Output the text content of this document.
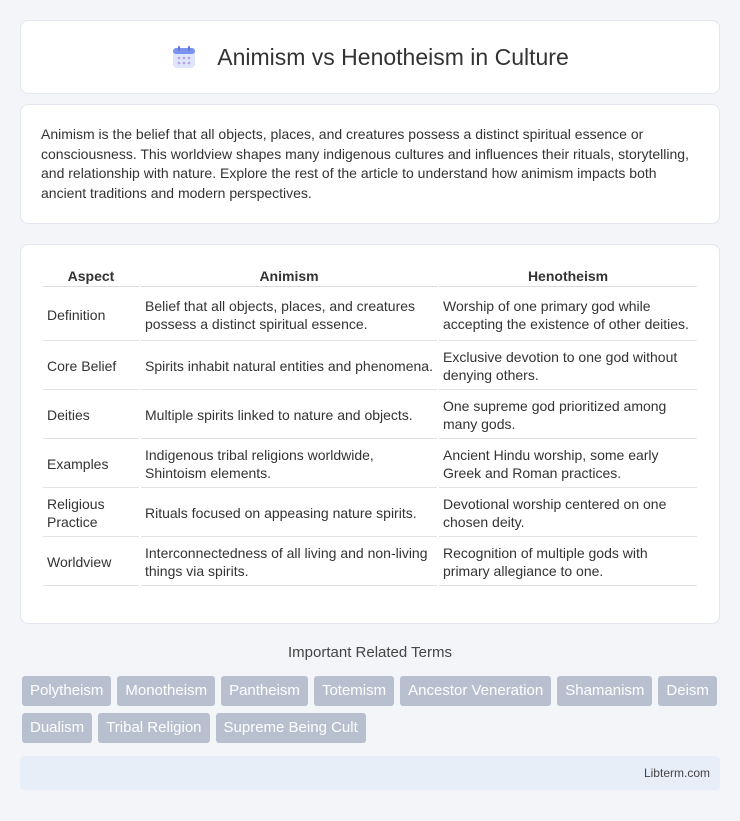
Animism vs Henotheism in Culture

Animism is the belief that all objects, places, and creatures possess a distinct spiritual essence or consciousness. This worldview shapes many indigenous cultures and influences their rituals, storytelling, and relationship with nature. Explore the rest of the article to understand how animism impacts both ancient traditions and modern perspectives.

Aspect	Animism	Henotheism
Definition	Belief that all objects, places, and creatures possess a distinct spiritual essence.	Worship of one primary god while accepting the existence of other deities.
Core Belief	Spirits inhabit natural entities and phenomena.	Exclusive devotion to one god without denying others.
Deities	Multiple spirits linked to nature and objects.	One supreme god prioritized among many gods.
Examples	Indigenous tribal religions worldwide, Shintoism elements.	Ancient Hindu worship, some early Greek and Roman practices.
Religious Practice	Rituals focused on appeasing nature spirits.	Devotional worship centered on one chosen deity.
Worldview	Interconnectedness of all living and non-living things via spirits.	Recognition of multiple gods with primary allegiance to one.
Important Related Terms
Polytheism	Monotheism	Pantheism	Totemism	Ancestor Veneration	Shamanism	Deism
Dualism	Tribal Religion	Supreme Being Cult
Libterm.com
